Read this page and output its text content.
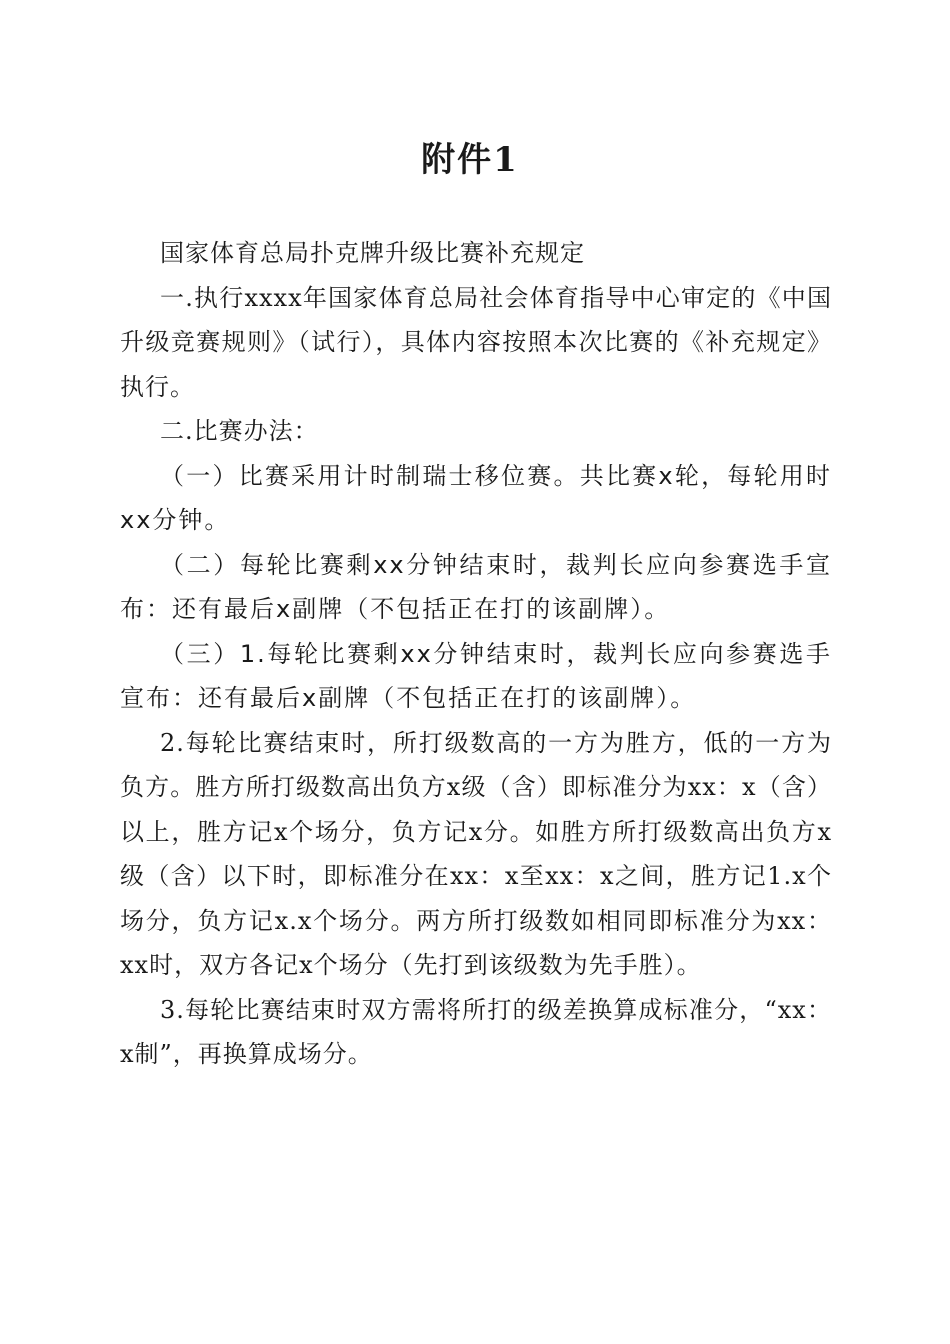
附件1

国家体育总局扑克牌升级比赛补充规定

一.执行xxxx年国家体育总局社会体育指导中心审定的《中国升级竞赛规则》（试行），具体内容按照本次比赛的《补充规定》执行。

二.比赛办法：

（一）比赛采用计时制瑞士移位赛。共比赛x轮，每轮用时xx分钟。

（二）每轮比赛剩xx分钟结束时，裁判长应向参赛选手宣布：还有最后x副牌（不包括正在打的该副牌）。

（三）1.每轮比赛剩xx分钟结束时，裁判长应向参赛选手宣布：还有最后x副牌（不包括正在打的该副牌）。

2.每轮比赛结束时，所打级数高的一方为胜方，低的一方为负方。胜方所打级数高出负方x级（含）即标准分为xx：x（含）以上，胜方记x个场分，负方记x分。如胜方所打级数高出负方x级（含）以下时，即标准分在xx：x至xx：x之间，胜方记1.x个场分，负方记x.x个场分。两方所打级数如相同即标准分为xx：xx时，双方各记x个场分（先打到该级数为先手胜）。

3.每轮比赛结束时双方需将所打的级差换算成标准分，“xx：x制”，再换算成场分。
